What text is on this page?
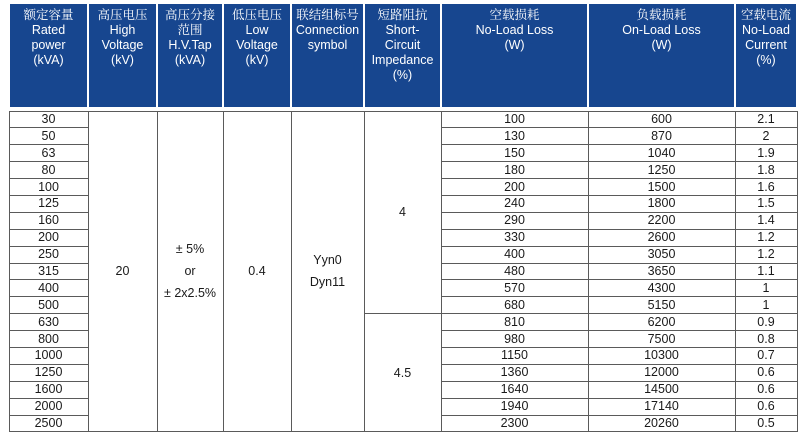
额定容量
Rated
power
(kVA)	高压电压
High
Voltage
(kV)	高压分接
范围
H.V.Tap
(kVA)	低压电压
Low
Voltage
(kV)	联结组标号
Connection
symbol	短路阻抗
Short-
Circuit
Impedance
(%)	空载损耗
No-Load Loss
(W)	负载损耗
On-Load Loss
(W)	空载电流
No-Load
Current
(%)

30	20	± 5%
or
± 2x2.5%	0.4	Yyn0
Dyn11	4	100	600	2.1
50						130	870	2
63						150	1040	1.9
80						180	1250	1.8
100						200	1500	1.6
125						240	1800	1.5
160						290	2200	1.4
200						330	2600	1.2
250						400	3050	1.2
315						480	3650	1.1
400						570	4300	1
500						680	5150	1
630					4.5	810	6200	0.9
800						980	7500	0.8
1000						1150	10300	0.7
1250						1360	12000	0.6
1600						1640	14500	0.6
2000						1940	17140	0.6
2500						2300	20260	0.5
